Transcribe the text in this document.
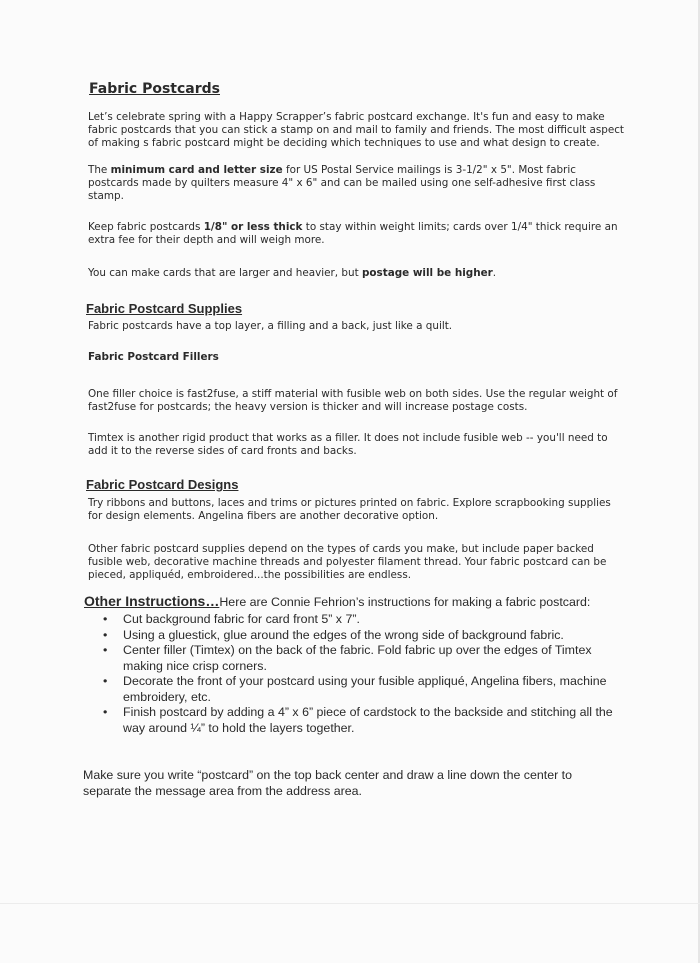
Fabric Postcards
Let’s celebrate spring with a Happy Scrapper’s fabric postcard exchange. It's fun and easy to make fabric postcards that you can stick a stamp on and mail to family and friends. The most difficult aspect of making s fabric postcard might be deciding which techniques to use and what design to create.
The minimum card and letter size for US Postal Service mailings is 3-1/2" x 5". Most fabric postcards made by quilters measure 4" x 6" and can be mailed using one self-adhesive first class stamp.
Keep fabric postcards 1/8" or less thick to stay within weight limits; cards over 1/4" thick require an extra fee for their depth and will weigh more.
You can make cards that are larger and heavier, but postage will be higher.
Fabric Postcard Supplies
Fabric postcards have a top layer, a filling and a back, just like a quilt.
Fabric Postcard Fillers
One filler choice is fast2fuse, a stiff material with fusible web on both sides. Use the regular weight of fast2fuse for postcards; the heavy version is thicker and will increase postage costs.
Timtex is another rigid product that works as a filler. It does not include fusible web -- you'll need to add it to the reverse sides of card fronts and backs.
Fabric Postcard Designs
Try ribbons and buttons, laces and trims or pictures printed on fabric. Explore scrapbooking supplies for design elements. Angelina fibers are another decorative option.
Other fabric postcard supplies depend on the types of cards you make, but include paper backed fusible web, decorative machine threads and polyester filament thread. Your fabric postcard can be pieced, appliquéd, embroidered...the possibilities are endless.
Other Instructions…Here are Connie Fehrion’s instructions for making a fabric postcard:
• Cut background fabric for card front 5” x 7”.
• Using a gluestick, glue around the edges of the wrong side of background fabric.
• Center filler (Timtex) on the back of the fabric. Fold fabric up over the edges of Timtex making nice crisp corners.
• Decorate the front of your postcard using your fusible appliqué, Angelina fibers, machine embroidery, etc.
• Finish postcard by adding a 4” x 6” piece of cardstock to the backside and stitching all the way around ¼” to hold the layers together.
Make sure you write “postcard” on the top back center and draw a line down the center to separate the message area from the address area.
